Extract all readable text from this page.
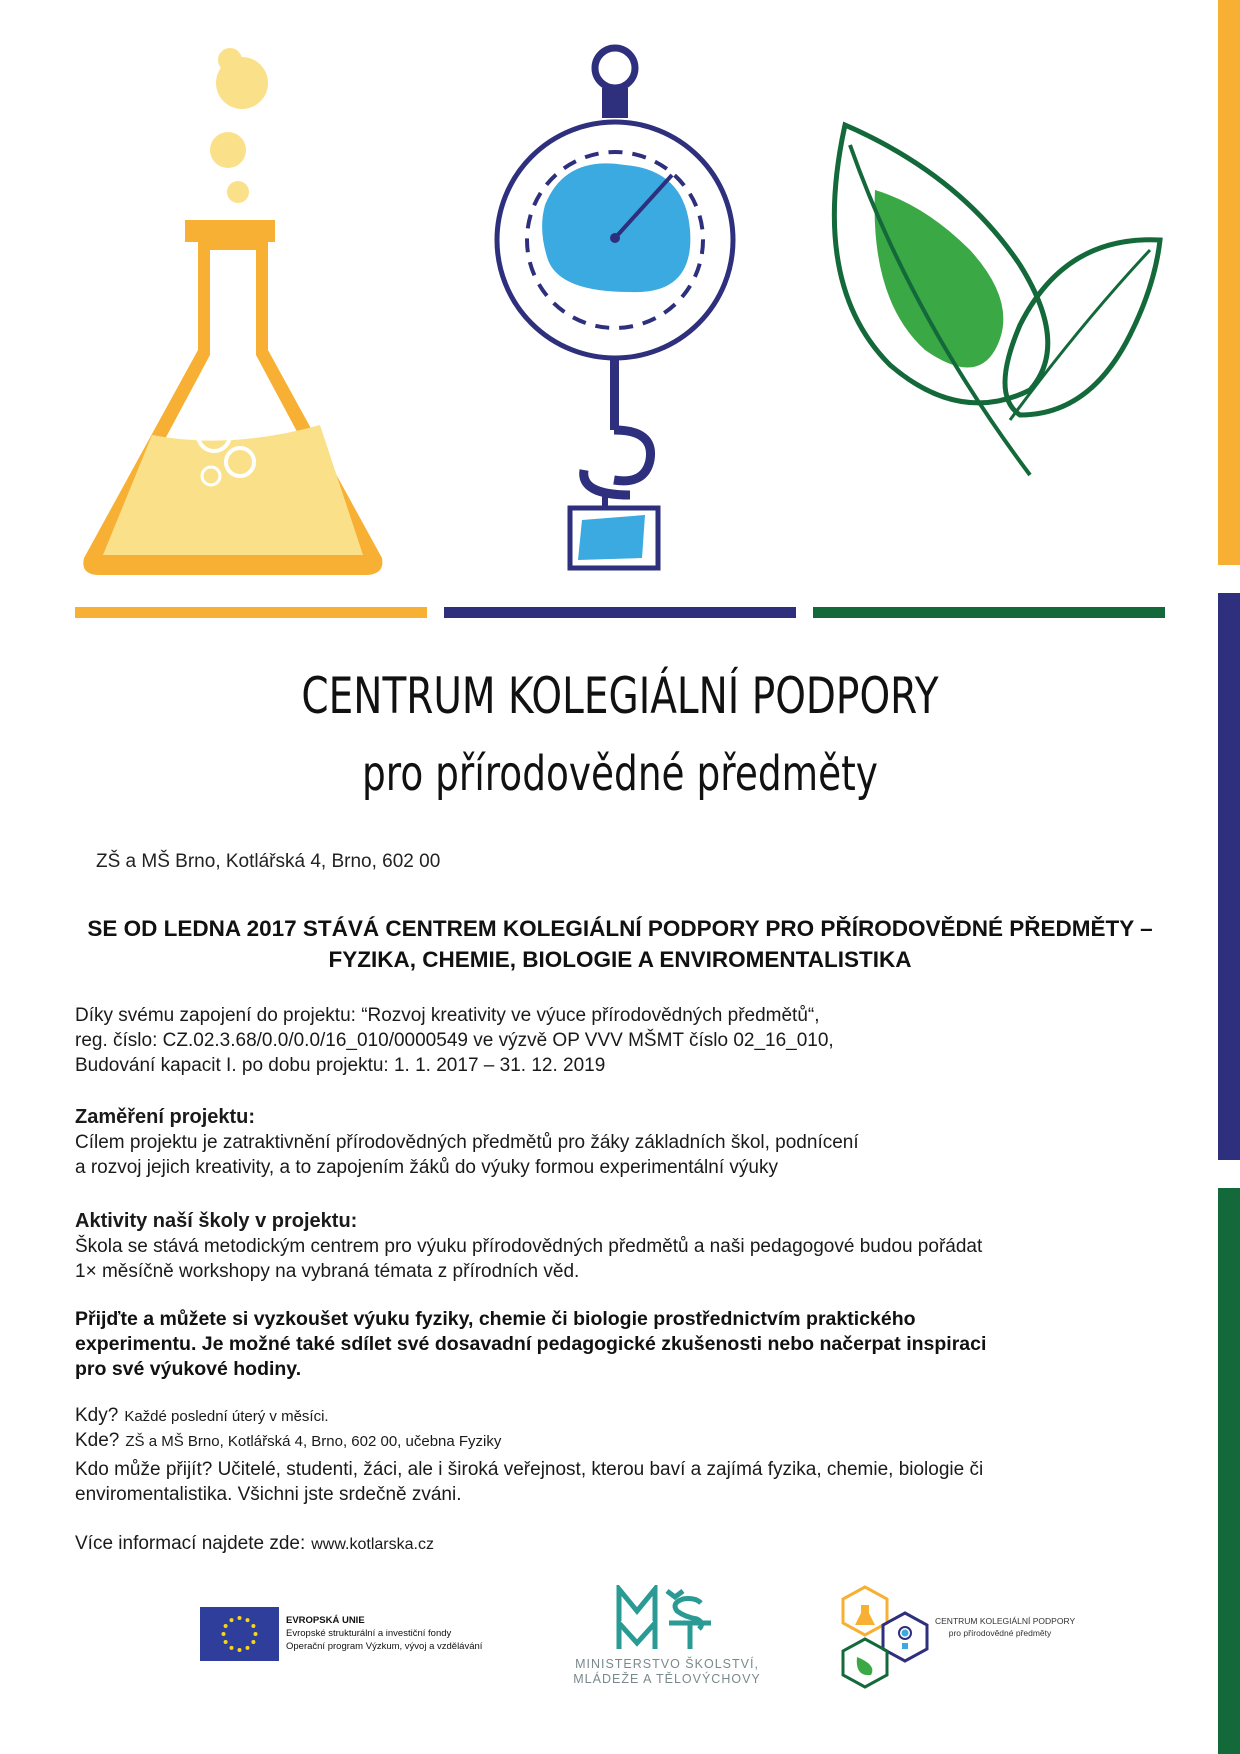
CENTRUM KOLEGIÁLNÍ PODPORY
pro přírodovědné předměty
ZŠ a MŠ Brno, Kotlářská 4, Brno, 602 00
SE OD LEDNA 2017 STÁVÁ CENTREM KOLEGIÁLNÍ PODPORY PRO PŘÍRODOVĚDNÉ PŘEDMĚTY – FYZIKA, CHEMIE, BIOLOGIE A ENVIROMENTALISTIKA
Díky svému zapojení do projektu: “Rozvoj kreativity ve výuce přírodovědných předmětů“,
reg. číslo: CZ.02.3.68/0.0/0.0/16_010/0000549 ve výzvě OP VVV MŠMT číslo 02_16_010,
Budování kapacit I. po dobu projektu: 1. 1. 2017 – 31. 12. 2019
Zaměření projektu:
Cílem projektu je zatraktivnění přírodovědných předmětů pro žáky základních škol, podnícení
a rozvoj jejich kreativity, a to zapojením žáků do výuky formou experimentální výuky
Aktivity naší školy v projektu:
Škola se stává metodickým centrem pro výuku přírodovědných předmětů a naši pedagogové budou pořádat
1× měsíčně workshopy na vybraná témata z přírodních věd.
Přijďte a můžete si vyzkoušet výuku fyziky, chemie či biologie prostřednictvím praktického
experimentu. Je možné také sdílet své dosavadní pedagogické zkušenosti nebo načerpat inspiraci
pro své výukové hodiny.
Kdy? Každé poslední úterý v měsíci.
Kde? ZŠ a MŠ Brno, Kotlářská 4, Brno, 602 00, učebna Fyziky
Kdo může přijít? Učitelé, studenti, žáci, ale i široká veřejnost, kterou baví a zajímá fyzika, chemie, biologie či
enviromentalistika. Všichni jste srdečně zváni.
Více informací najdete zde: www.kotlarska.cz
EVROPSKÁ UNIE
Evropské strukturální a investiční fondy
Operační program Výzkum, vývoj a vzdělávání
MINISTERSTVO ŠKOLSTVÍ,
MLÁDEŽE A TĚLOVÝCHOVY
CENTRUM KOLEGIÁLNÍ PODPORY
pro přírodovědné předměty
